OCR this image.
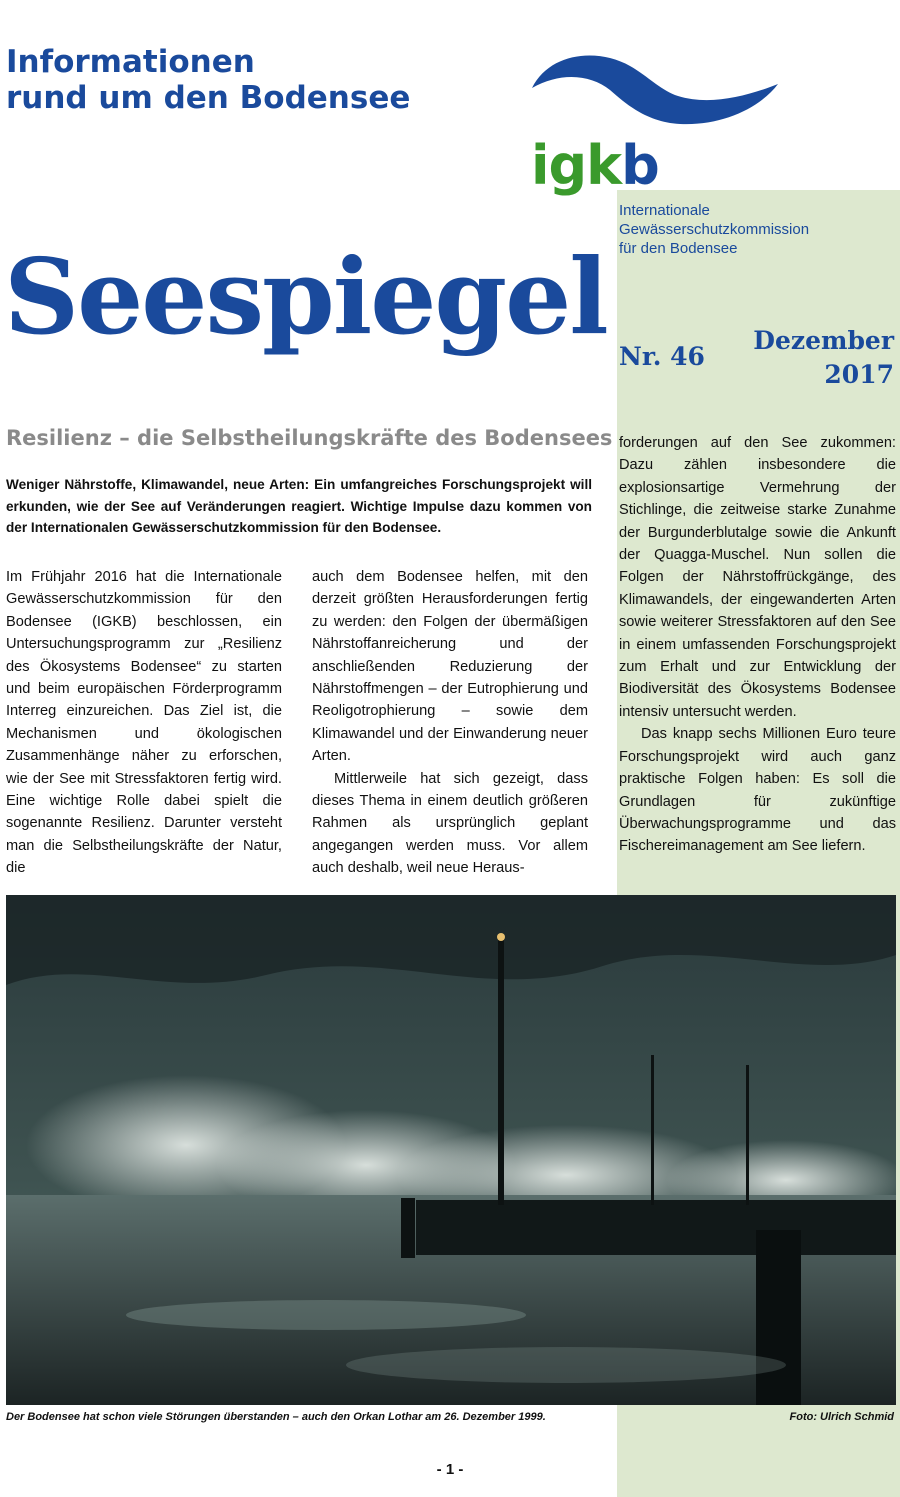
Informationen
rund um den Bodensee
igkb
Internationale
Gewässerschutzkommission
für den Bodensee
Seespiegel Nr. 46
Dezember
2017
Resilienz – die Selbstheilungskräfte des Bodensees
Weniger Nährstoffe, Klimawandel, neue Arten: Ein umfangreiches Forschungsprojekt will erkunden, wie der See auf Veränderungen reagiert. Wichtige Impulse dazu kommen von der Internationalen Gewässerschutzkommission für den Bodensee.

Im Frühjahr 2016 hat die Internationale Gewässerschutzkommission für den Bodensee (IGKB) beschlossen, ein Untersuchungsprogramm zur „Resilienz des Ökosystems Bodensee“ zu starten und beim europäischen Förderprogramm Interreg einzureichen. Das Ziel ist, die Mechanismen und ökologischen Zusammenhänge näher zu erforschen, wie der See mit Stressfaktoren fertig wird. Eine wichtige Rolle dabei spielt die sogenannte Resilienz. Darunter versteht man die Selbstheilungskräfte der Natur, die

auch dem Bodensee helfen, mit den derzeit größten Herausforderungen fertig zu werden: den Folgen der übermäßigen Nährstoffanreicherung und der anschließenden Reduzierung der Nährstoffmengen – der Eutrophierung und Reoligotrophierung – sowie dem Klimawandel und der Einwanderung neuer Arten.

Mittlerweile hat sich gezeigt, dass dieses Thema in einem deutlich größeren Rahmen als ursprünglich geplant angegangen werden muss. Vor allem auch deshalb, weil neue Heraus-

forderungen auf den See zukommen: Dazu zählen insbesondere die explosionsartige Vermehrung der Stichlinge, die zeitweise starke Zunahme der Burgunderblutalge sowie die Ankunft der Quagga-Muschel. Nun sollen die Folgen der Nährstoffrückgänge, des Klimawandels, der eingewanderten Arten sowie weiterer Stressfaktoren auf den See in einem umfassenden Forschungsprojekt zum Erhalt und zur Entwicklung der Biodiversität des Ökosystems Bodensee intensiv untersucht werden.

Das knapp sechs Millionen Euro teure Forschungsprojekt wird auch ganz praktische Folgen haben: Es soll die Grundlagen für zukünftige Überwachungsprogramme und das Fischereimanagement am See liefern.

Der Bodensee hat schon viele Störungen überstanden – auch den Orkan Lothar am 26. Dezember 1999.	Foto: Ulrich Schmid
- 1 -
